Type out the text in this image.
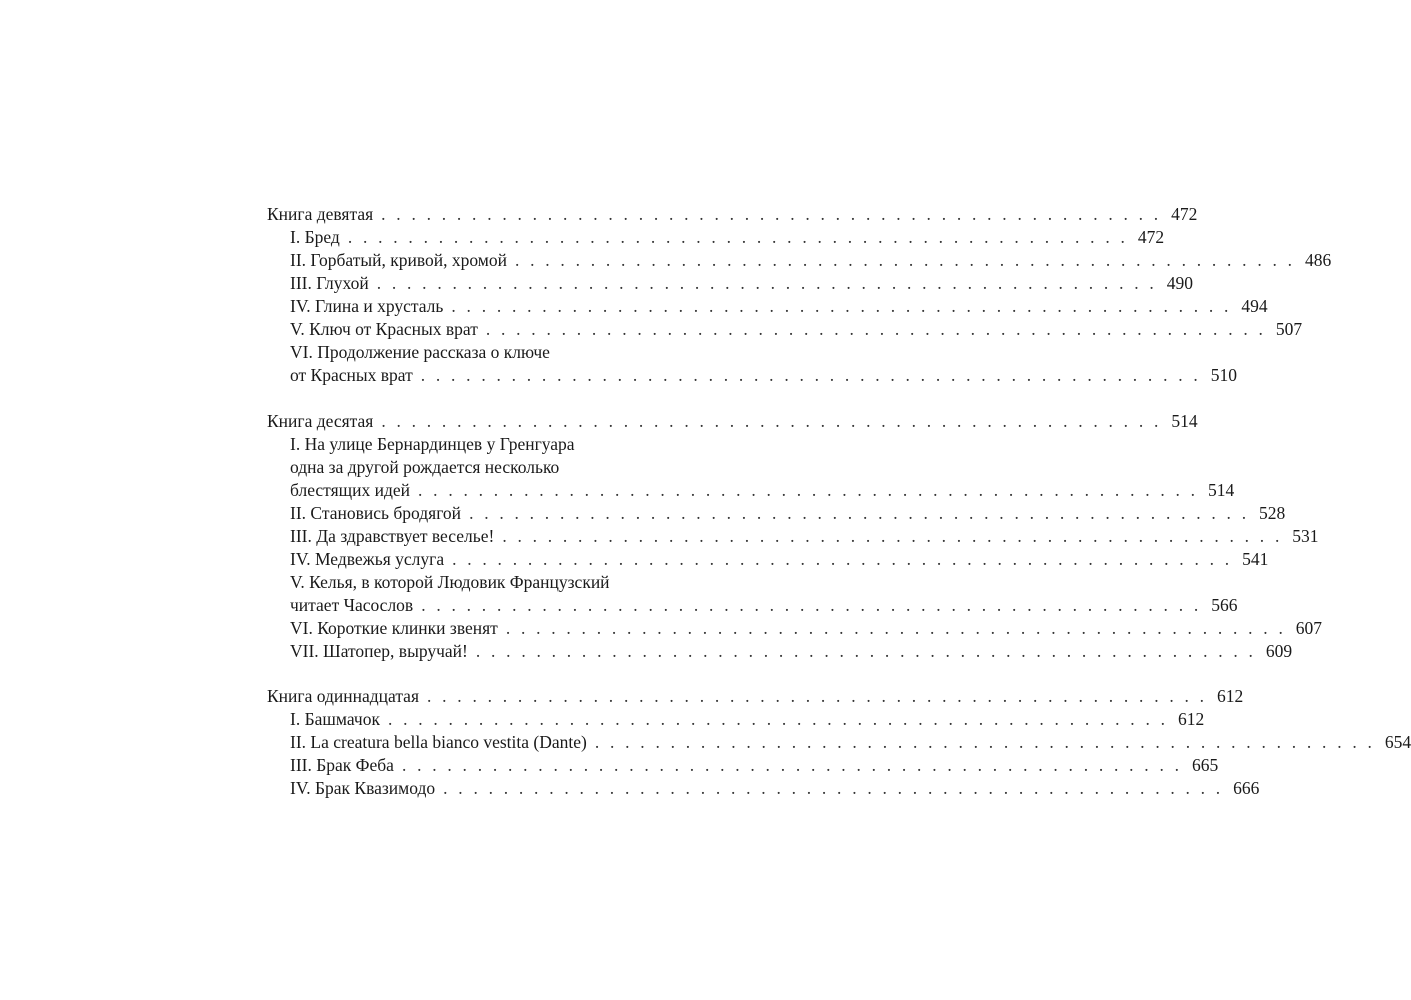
Книга девятая . . . . . . . . . . . . . . . . . . . . . . . . . . . . . . . . . . . . . . . . . . . . . . . . . . . . 472
I. Бред . . . . . . . . . . . . . . . . . . . . . . . . . . . . . . . . . . . . . . . . . . . . . . . . . . . . 472
II. Горбатый, кривой, хромой . . . . . . . . . . . . . . . . . . . . . . . . . . . . . . . . . . . . . . . . . . . . . . . . . . . . 486
III. Глухой . . . . . . . . . . . . . . . . . . . . . . . . . . . . . . . . . . . . . . . . . . . . . . . . . . . . 490
IV. Глина и хрусталь . . . . . . . . . . . . . . . . . . . . . . . . . . . . . . . . . . . . . . . . . . . . . . . . . . . . 494
V. Ключ от Красных врат . . . . . . . . . . . . . . . . . . . . . . . . . . . . . . . . . . . . . . . . . . . . . . . . . . . . 507
VI. Продолжение рассказа о ключе
от Красных врат . . . . . . . . . . . . . . . . . . . . . . . . . . . . . . . . . . . . . . . . . . . . . . . . . . . . 510
Книга десятая . . . . . . . . . . . . . . . . . . . . . . . . . . . . . . . . . . . . . . . . . . . . . . . . . . . . 514
I. На улице Бернардинцев у Гренгуара
одна за другой рождается несколько
блестящих идей . . . . . . . . . . . . . . . . . . . . . . . . . . . . . . . . . . . . . . . . . . . . . . . . . . . . 514
II. Становись бродягой . . . . . . . . . . . . . . . . . . . . . . . . . . . . . . . . . . . . . . . . . . . . . . . . . . . . 528
III. Да здравствует веселье! . . . . . . . . . . . . . . . . . . . . . . . . . . . . . . . . . . . . . . . . . . . . . . . . . . . . 531
IV. Медвежья услуга . . . . . . . . . . . . . . . . . . . . . . . . . . . . . . . . . . . . . . . . . . . . . . . . . . . . 541
V. Келья, в которой Людовик Французский
читает Часослов . . . . . . . . . . . . . . . . . . . . . . . . . . . . . . . . . . . . . . . . . . . . . . . . . . . . 566
VI. Короткие клинки звенят . . . . . . . . . . . . . . . . . . . . . . . . . . . . . . . . . . . . . . . . . . . . . . . . . . . . 607
VII. Шатопер, выручай! . . . . . . . . . . . . . . . . . . . . . . . . . . . . . . . . . . . . . . . . . . . . . . . . . . . . 609
Книга одиннадцатая . . . . . . . . . . . . . . . . . . . . . . . . . . . . . . . . . . . . . . . . . . . . . . . . . . . . 612
I. Башмачок . . . . . . . . . . . . . . . . . . . . . . . . . . . . . . . . . . . . . . . . . . . . . . . . . . . . 612
II. La creatura bella bianco vestita (Dante) . . . . . . . . . . . . . . . . . . . . . . . . . . . . . . . . . . . . . . . . . . . . . . . . . . . . 654
III. Брак Феба . . . . . . . . . . . . . . . . . . . . . . . . . . . . . . . . . . . . . . . . . . . . . . . . . . . . 665
IV. Брак Квазимодо . . . . . . . . . . . . . . . . . . . . . . . . . . . . . . . . . . . . . . . . . . . . . . . . . . . . 666
